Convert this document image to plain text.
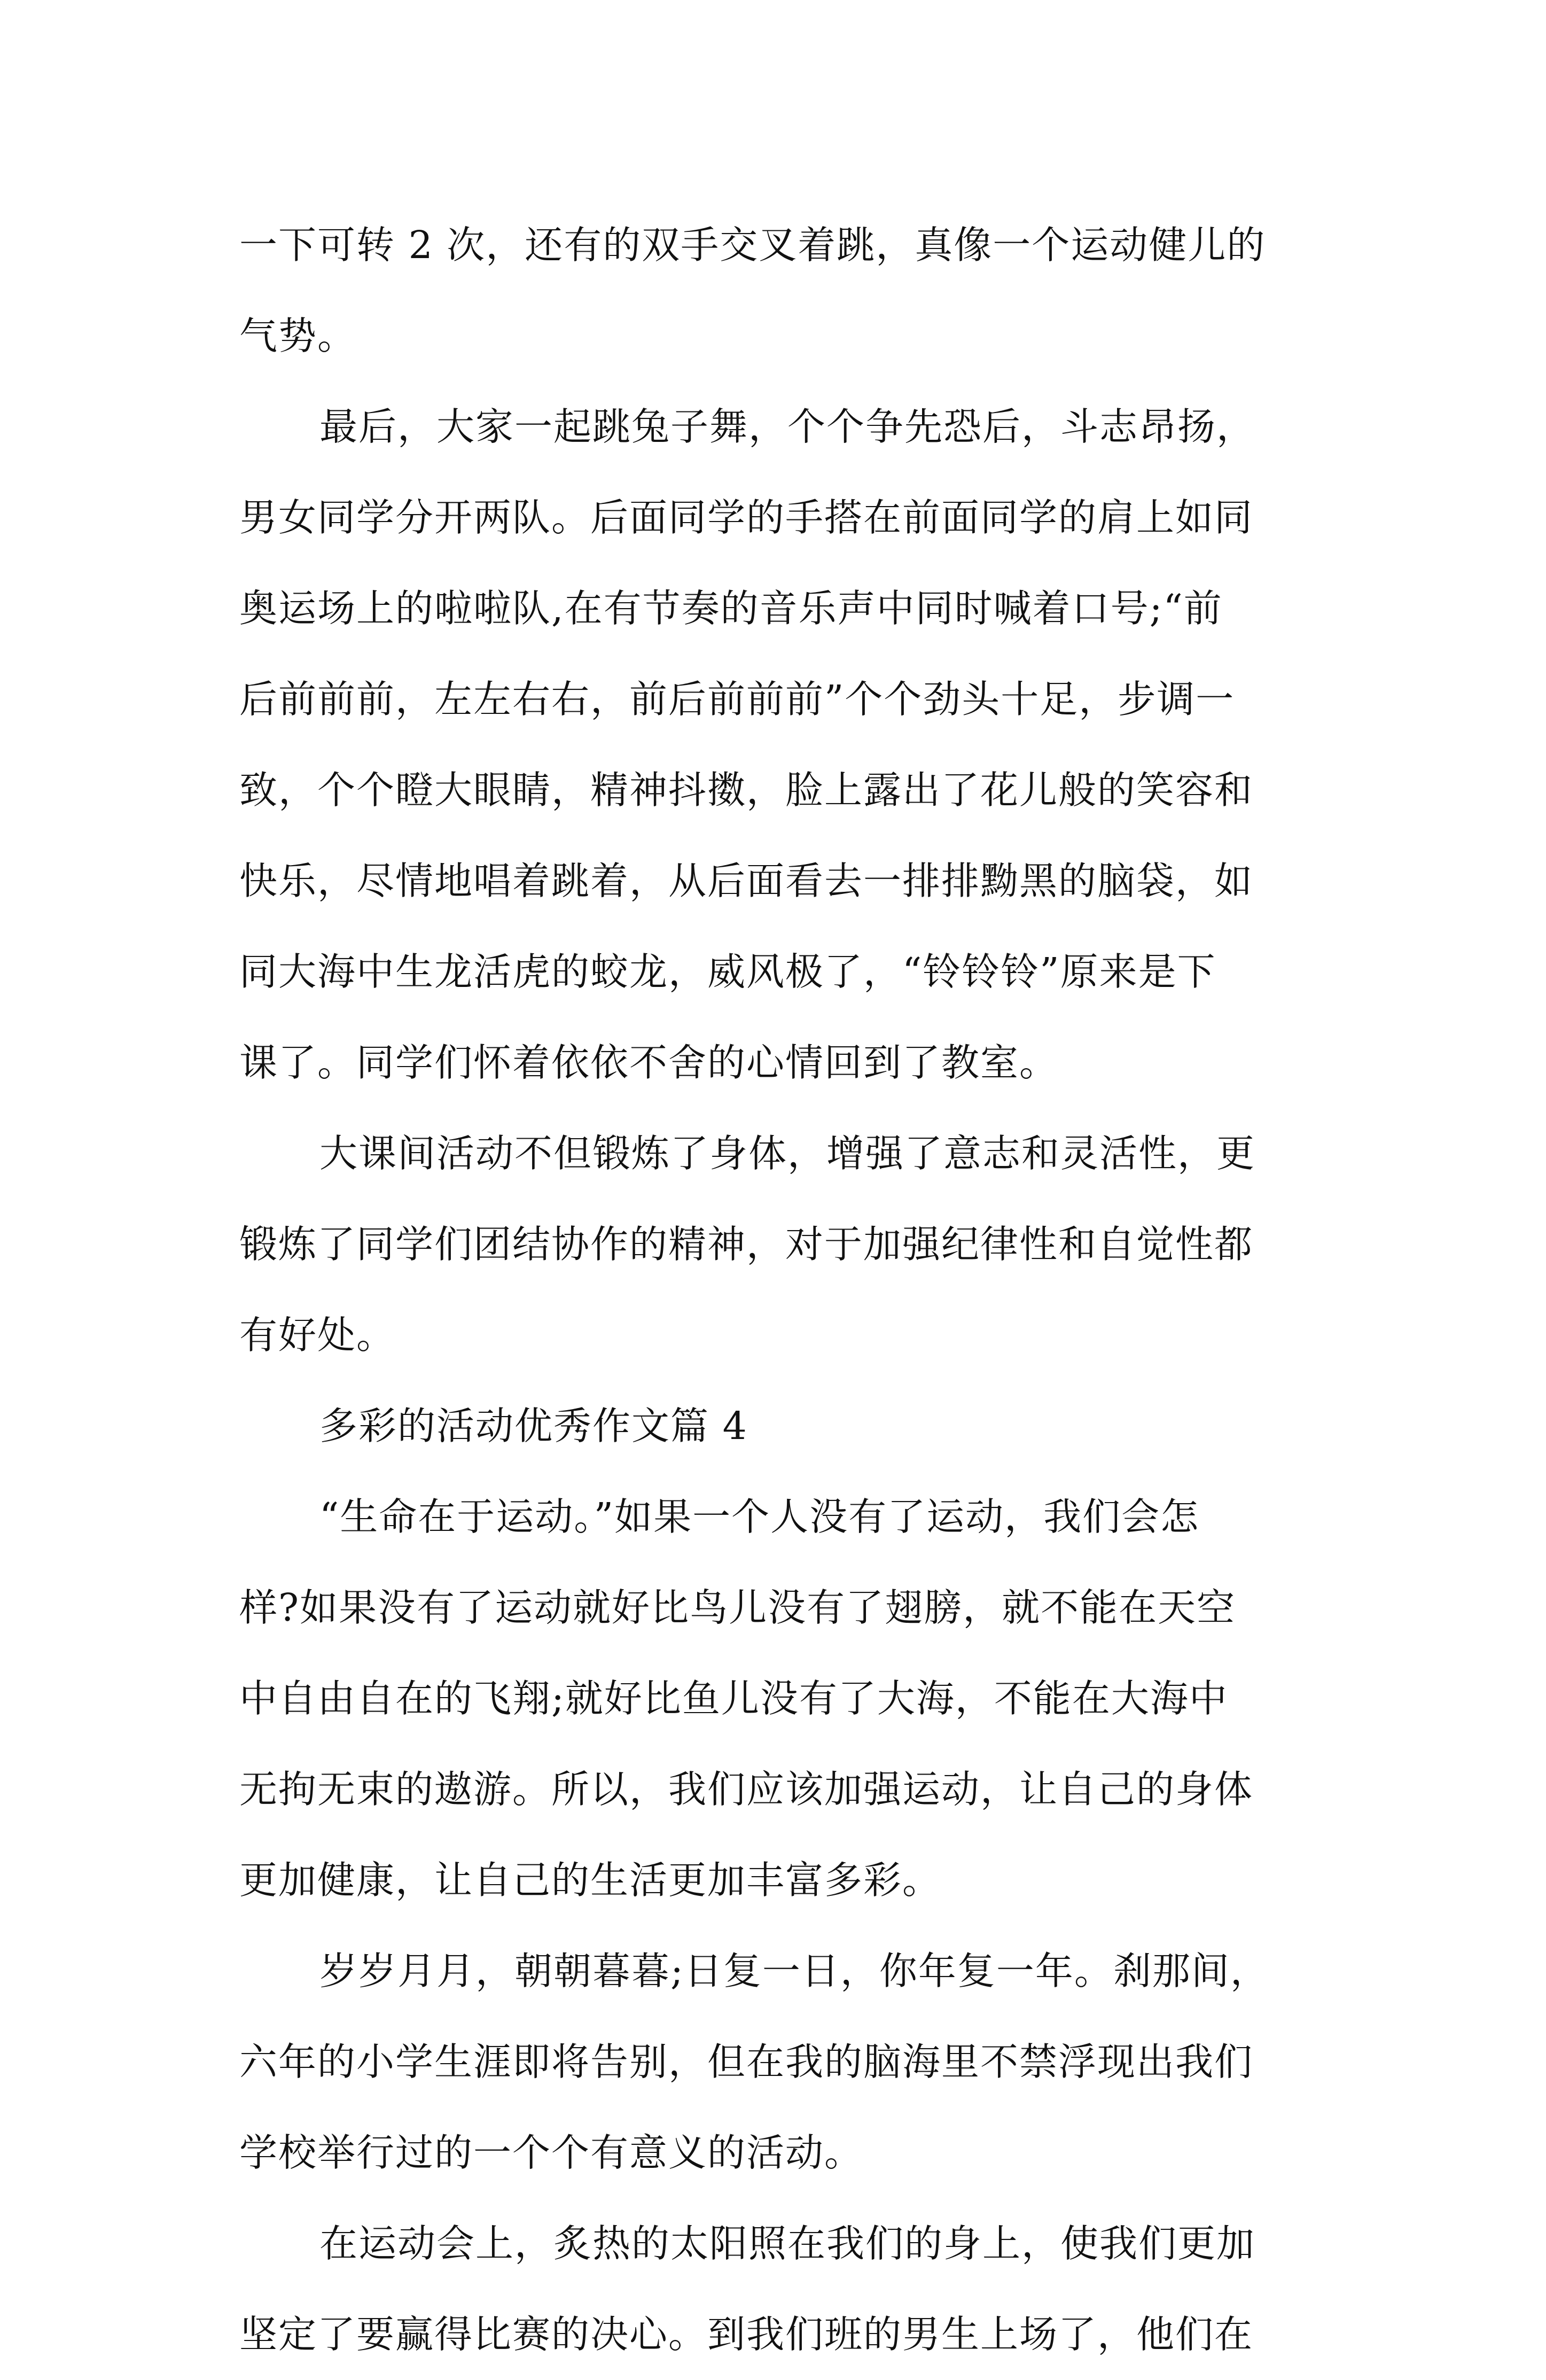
一下可转 2 次，还有的双手交叉着跳，真像一个运动健儿的
气势。
最后，大家一起跳兔子舞，个个争先恐后，斗志昂扬，
男女同学分开两队。后面同学的手搭在前面同学的肩上如同
奥运场上的啦啦队,在有节奏的音乐声中同时喊着口号;“前
后前前前，左左右右，前后前前前”个个劲头十足，步调一
致，个个瞪大眼睛，精神抖擞，脸上露出了花儿般的笑容和
快乐，尽情地唱着跳着，从后面看去一排排黝黑的脑袋，如
同大海中生龙活虎的蛟龙，威风极了，“铃铃铃”原来是下
课了。同学们怀着依依不舍的心情回到了教室。
大课间活动不但锻炼了身体，增强了意志和灵活性，更
锻炼了同学们团结协作的精神，对于加强纪律性和自觉性都
有好处。
多彩的活动优秀作文篇 4
“生命在于运动。”如果一个人没有了运动，我们会怎
样?如果没有了运动就好比鸟儿没有了翅膀，就不能在天空
中自由自在的飞翔;就好比鱼儿没有了大海，不能在大海中
无拘无束的遨游。所以，我们应该加强运动，让自己的身体
更加健康，让自己的生活更加丰富多彩。
岁岁月月，朝朝暮暮;日复一日，你年复一年。刹那间，
六年的小学生涯即将告别，但在我的脑海里不禁浮现出我们
学校举行过的一个个有意义的活动。
在运动会上，炙热的太阳照在我们的身上，使我们更加
坚定了要赢得比赛的决心。到我们班的男生上场了，他们在
